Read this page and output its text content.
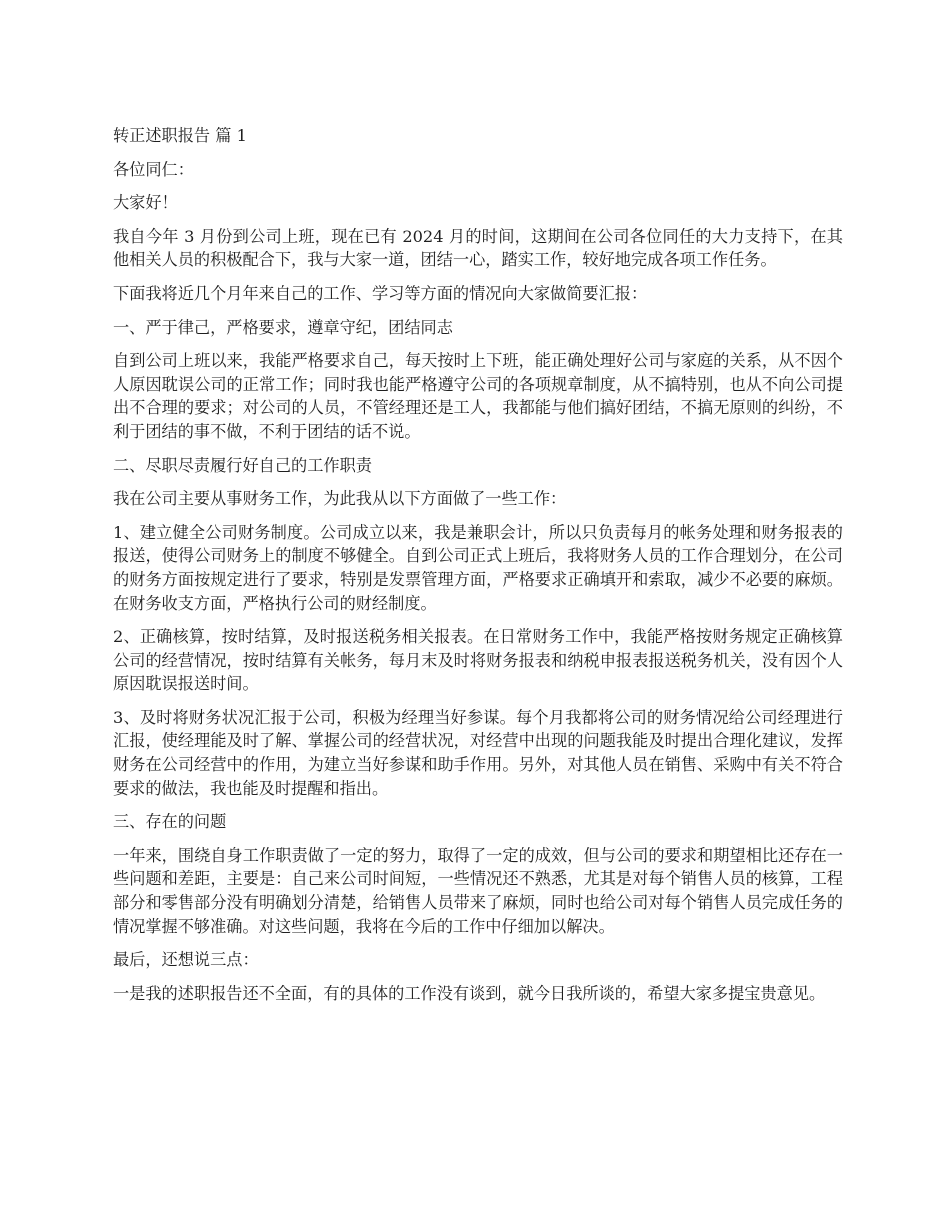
转正述职报告 篇 1

各位同仁：

大家好！

我自今年 3 月份到公司上班，现在已有 2024 月的时间，这期间在公司各位同任的大力支持下，在其他相关人员的积极配合下，我与大家一道，团结一心，踏实工作，较好地完成各项工作任务。

下面我将近几个月年来自己的工作、学习等方面的情况向大家做简要汇报：

一、严于律己，严格要求，遵章守纪，团结同志

自到公司上班以来，我能严格要求自己，每天按时上下班，能正确处理好公司与家庭的关系，从不因个人原因耽误公司的正常工作；同时我也能严格遵守公司的各项规章制度，从不搞特别，也从不向公司提出不合理的要求；对公司的人员，不管经理还是工人，我都能与他们搞好团结，不搞无原则的纠纷，不利于团结的事不做，不利于团结的话不说。

二、尽职尽责履行好自己的工作职责

我在公司主要从事财务工作，为此我从以下方面做了一些工作：

1、建立健全公司财务制度。公司成立以来，我是兼职会计，所以只负责每月的帐务处理和财务报表的报送，使得公司财务上的制度不够健全。自到公司正式上班后，我将财务人员的工作合理划分，在公司的财务方面按规定进行了要求，特别是发票管理方面，严格要求正确填开和索取，减少不必要的麻烦。在财务收支方面，严格执行公司的财经制度。

2、正确核算，按时结算，及时报送税务相关报表。在日常财务工作中，我能严格按财务规定正确核算公司的经营情况，按时结算有关帐务，每月末及时将财务报表和纳税申报表报送税务机关，没有因个人原因耽误报送时间。

3、及时将财务状况汇报于公司，积极为经理当好参谋。每个月我都将公司的财务情况给公司经理进行汇报，使经理能及时了解、掌握公司的经营状况，对经营中出现的问题我能及时提出合理化建议，发挥财务在公司经营中的作用，为建立当好参谋和助手作用。另外，对其他人员在销售、采购中有关不符合要求的做法，我也能及时提醒和指出。

三、存在的问题

一年来，围绕自身工作职责做了一定的努力，取得了一定的成效，但与公司的要求和期望相比还存在一些问题和差距，主要是：自己来公司时间短，一些情况还不熟悉，尤其是对每个销售人员的核算，工程部分和零售部分没有明确划分清楚，给销售人员带来了麻烦，同时也给公司对每个销售人员完成任务的情况掌握不够准确。对这些问题，我将在今后的工作中仔细加以解决。

最后，还想说三点：

一是我的述职报告还不全面，有的具体的工作没有谈到，就今日我所谈的，希望大家多提宝贵意见。
